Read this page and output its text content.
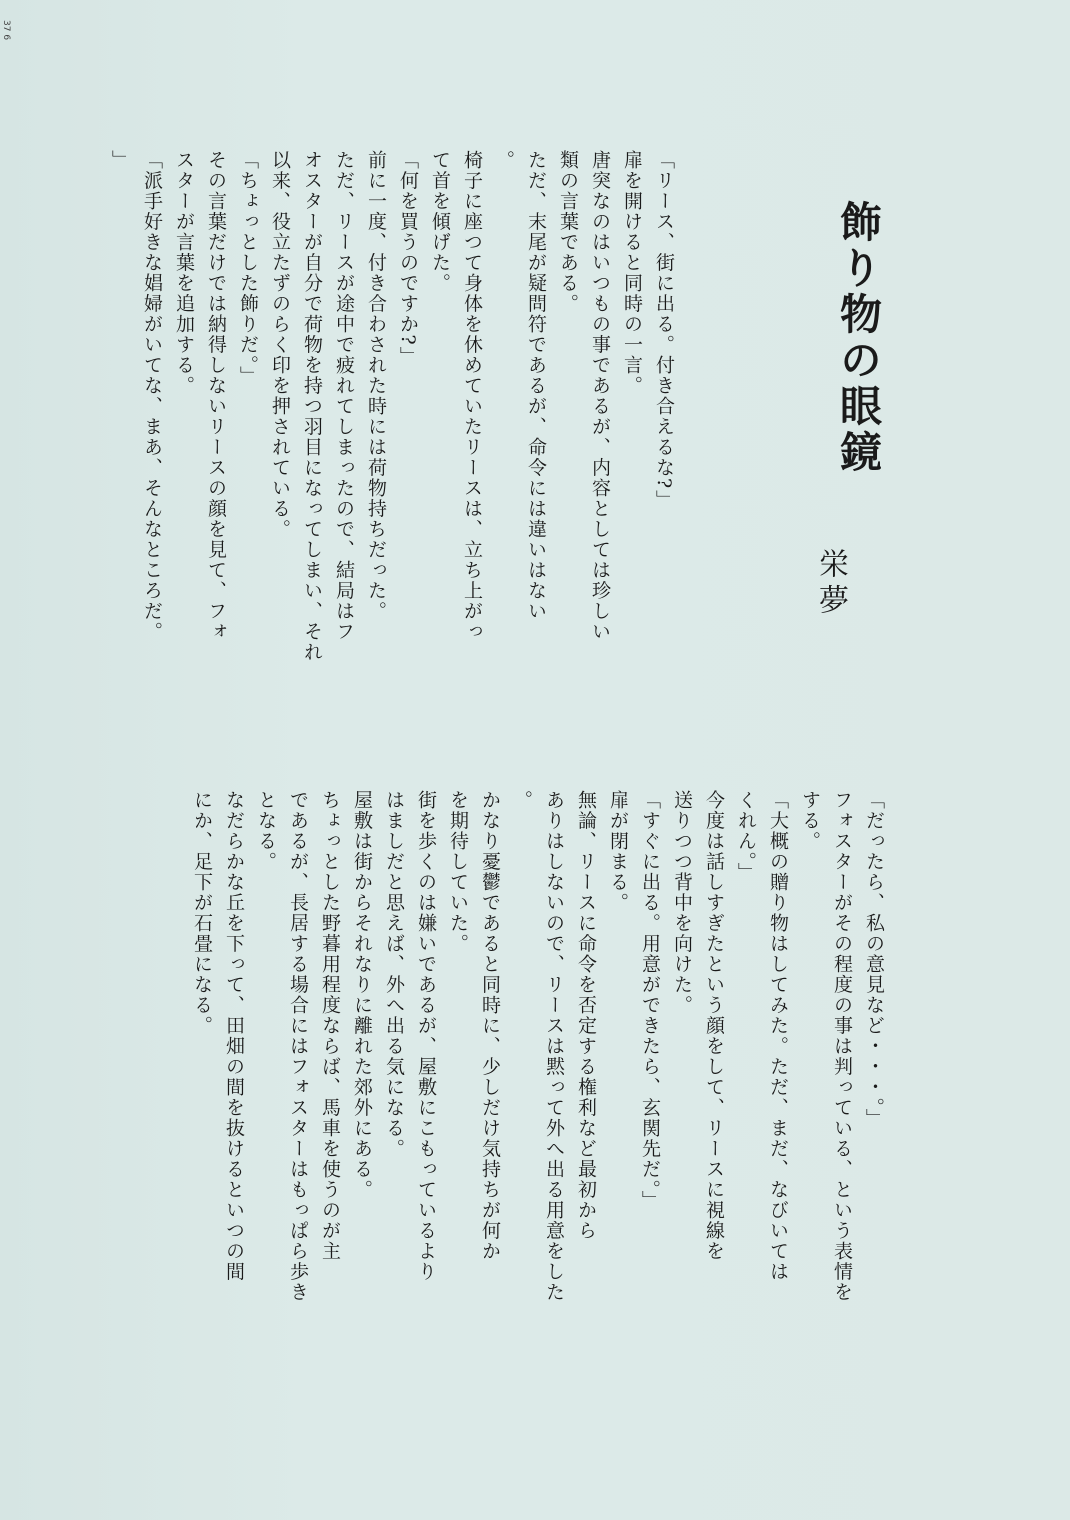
37 6
飾り物の眼鏡
栄夢

「リース、街に出る。付き合えるな?」

扉を開けると同時の一言。

唐突なのはいつもの事であるが、内容としては珍しい

類の言葉である。

ただ、末尾が疑問符であるが、命令には違いはない

。

椅子に座つて身体を休めていたリースは、立ち上がっ

て首を傾げた。

「何を買うのですか?」

前に一度、付き合わされた時には荷物持ちだった。

ただ、リースが途中で疲れてしまったので、結局はフ

オスターが自分で荷物を持つ羽目になってしまい、それ

以来、役立たずのらく印を押されている。

「ちょっとした飾りだ。」

その言葉だけでは納得しないリースの顔を見て、フォ

スターが言葉を追加する。

「派手好きな娼婦がいてな、まあ、そんなところだ。

」

「だったら、私の意見など・・・。」

フォスターがその程度の事は判っている、という表情を

する。

「大概の贈り物はしてみた。ただ、まだ、なびいては

くれん。」

今度は話しすぎたという顔をして、リースに視線を

送りつつ背中を向けた。

「すぐに出る。用意ができたら、玄関先だ。」

扉が閉まる。

無論、リースに命令を否定する権利など最初から

ありはしないので、リースは黙って外へ出る用意をした

。

かなり憂鬱であると同時に、少しだけ気持ちが何か

を期待していた。

街を歩くのは嫌いであるが、屋敷にこもっているより

はましだと思えば、外へ出る気になる。

屋敷は街からそれなりに離れた郊外にある。

ちょっとした野暮用程度ならば、馬車を使うのが主

であるが、長居する場合にはフォスターはもっぱら歩き

となる。

なだらかな丘を下って、田畑の間を抜けるといつの間

にか、足下が石畳になる。
